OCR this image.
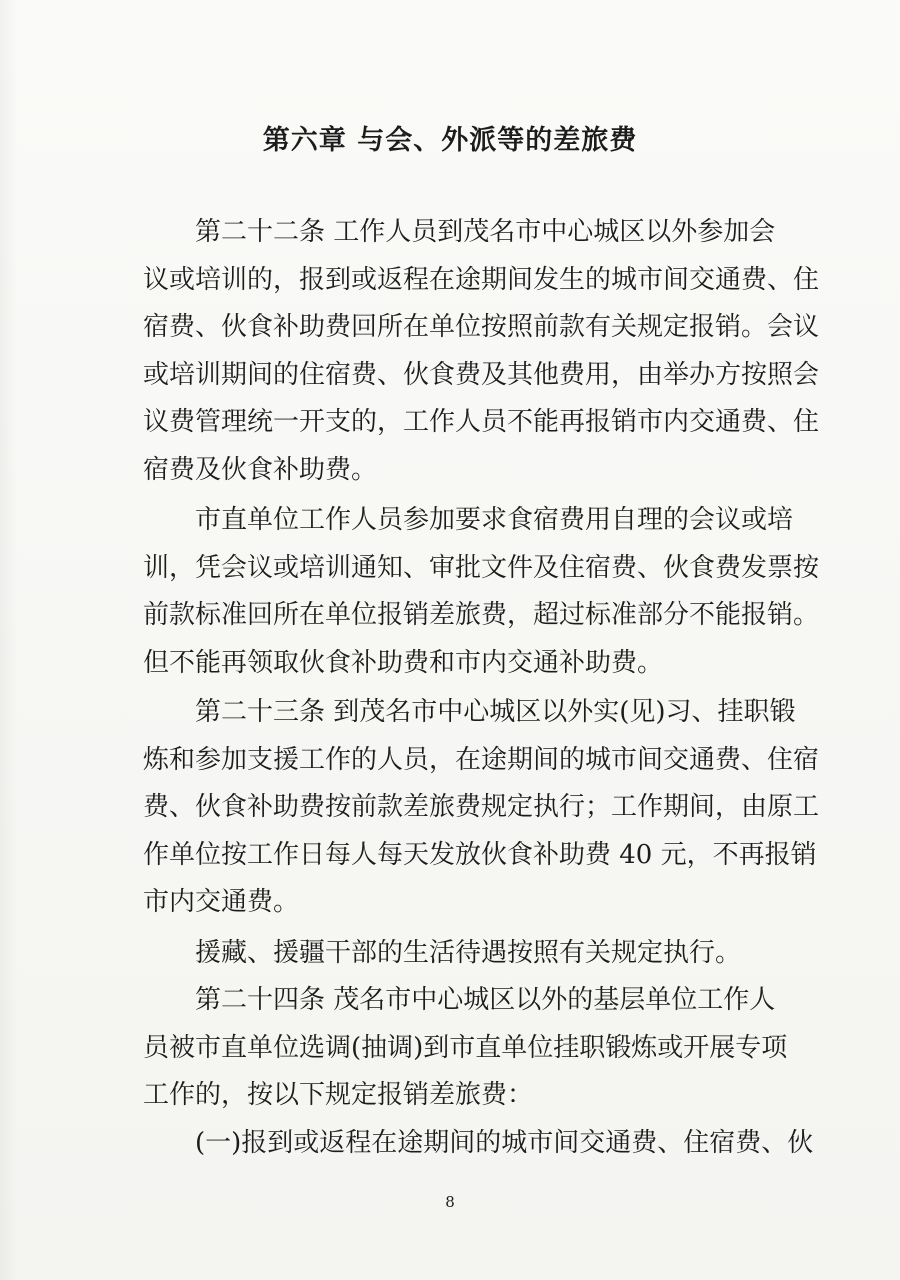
第六章 与会、外派等的差旅费
第二十二条 工作人员到茂名市中心城区以外参加会
议或培训的，报到或返程在途期间发生的城市间交通费、住
宿费、伙食补助费回所在单位按照前款有关规定报销。会议
或培训期间的住宿费、伙食费及其他费用，由举办方按照会
议费管理统一开支的，工作人员不能再报销市内交通费、住
宿费及伙食补助费。
市直单位工作人员参加要求食宿费用自理的会议或培
训，凭会议或培训通知、审批文件及住宿费、伙食费发票按
前款标准回所在单位报销差旅费，超过标准部分不能报销。
但不能再领取伙食补助费和市内交通补助费。
第二十三条 到茂名市中心城区以外实(见)习、挂职锻
炼和参加支援工作的人员，在途期间的城市间交通费、住宿
费、伙食补助费按前款差旅费规定执行；工作期间，由原工
作单位按工作日每人每天发放伙食补助费 40 元，不再报销
市内交通费。
援藏、援疆干部的生活待遇按照有关规定执行。
第二十四条 茂名市中心城区以外的基层单位工作人
员被市直单位选调(抽调)到市直单位挂职锻炼或开展专项
工作的，按以下规定报销差旅费：
(一)报到或返程在途期间的城市间交通费、住宿费、伙
8
